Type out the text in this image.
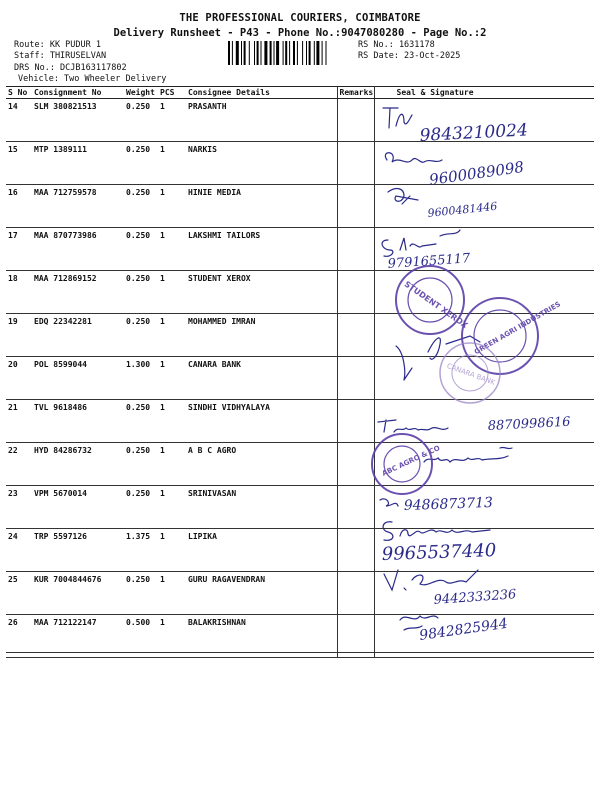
THE PROFESSIONAL COURIERS, COIMBATORE
Delivery Runsheet - P43 - Phone No.:9047080280 - Page No.:2
Route: KK PUDUR 1
Staff: THIRUSELVAN
DRS No.: DCJB163117802
Vehicle: Two Wheeler Delivery
RS No.: 1631178
RS Date: 23-Oct-2025
S No	Consignment No	Weight	PCS	Consignee Details	Remarks	Seal & Signature
14	SLM 380821513	0.250	1	PRASANTH		
15	MTP 1389111	0.250	1	NARKIS		
16	MAA 712759578	0.250	1	HINIE MEDIA		
17	MAA 870773986	0.250	1	LAKSHMI TAILORS		
18	MAA 712869152	0.250	1	STUDENT XEROX		
19	EDQ 22342281	0.250	1	MOHAMMED IMRAN		
20	POL 8599044	1.300	1	CANARA BANK		
21	TVL 9618486	0.250	1	SINDHI VIDHYALAYA		
22	HYD 84286732	0.250	1	A B C AGRO		
23	VPM 5670014	0.250	1	SRINIVASAN		
24	TRP 5597126	1.375	1	LIPIKA		
25	KUR 7004844676	0.250	1	GURU RAGAVENDRAN		
26	MAA 712122147	0.500	1	BALAKRISHNAN		
9843210024
9600089098
9600481446
9791655117
8870998616
9486873713
9965537440
9442333236
9842825944
STUDENT XEROX GREEN AGRI INDUSTRIES
CANARA BANK
ABC AGRO & CO
